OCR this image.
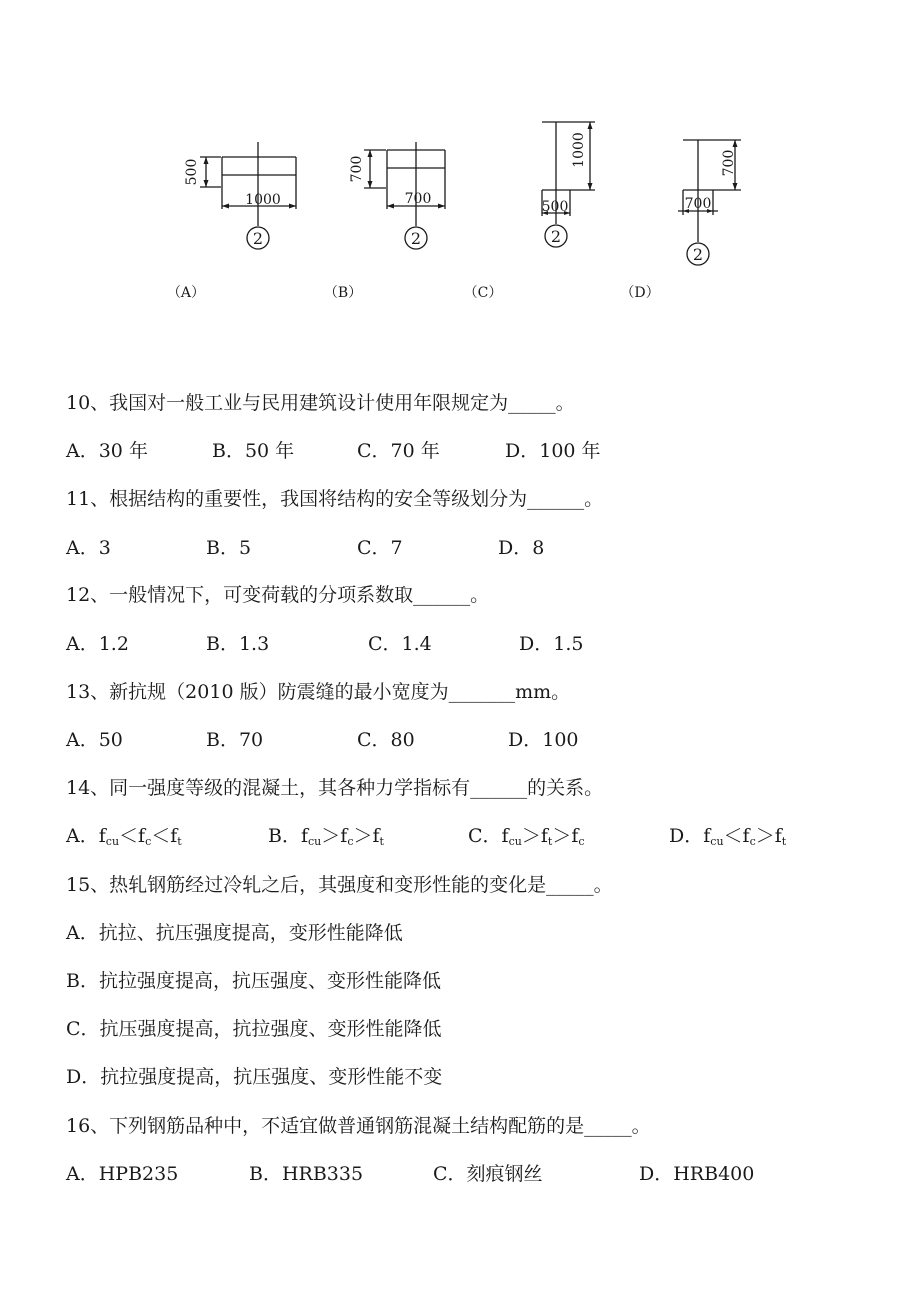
1000
500
2
（A）
700
700
2
（B）
500
1000
2
（C）
700
700
2
（D）
10、我国对一般工业与民用建筑设计使用年限规定为_____。
A．30 年	B．50 年	C．70 年	D．100 年
11、根据结构的重要性，我国将结构的安全等级划分为______。
A．3	B．5	C．7	D．8
12、一般情况下，可变荷载的分项系数取______。
A．1.2	B．1.3	C．1.4	D．1.5
13、新抗规（2010 版）防震缝的最小宽度为_______mm。
A．50	B．70	C．80	D．100
14、同一强度等级的混凝土，其各种力学指标有______的关系。
A．$f_{cu}<f_c<f_t$	B．$f_{cu}>f_c>f_t$	C．$f_{cu}>f_t>f_c$	D．$f_{cu}<f_c>f_t$
15、热轧钢筋经过冷轧之后，其强度和变形性能的变化是_____。
A．抗拉、抗压强度提高，变形性能降低
B．抗拉强度提高，抗压强度、变形性能降低
C．抗压强度提高，抗拉强度、变形性能降低
D．抗拉强度提高，抗压强度、变形性能不变
16、下列钢筋品种中，不适宜做普通钢筋混凝土结构配筋的是_____。
A．HPB235	B．HRB335	C．刻痕钢丝	D．HRB400
